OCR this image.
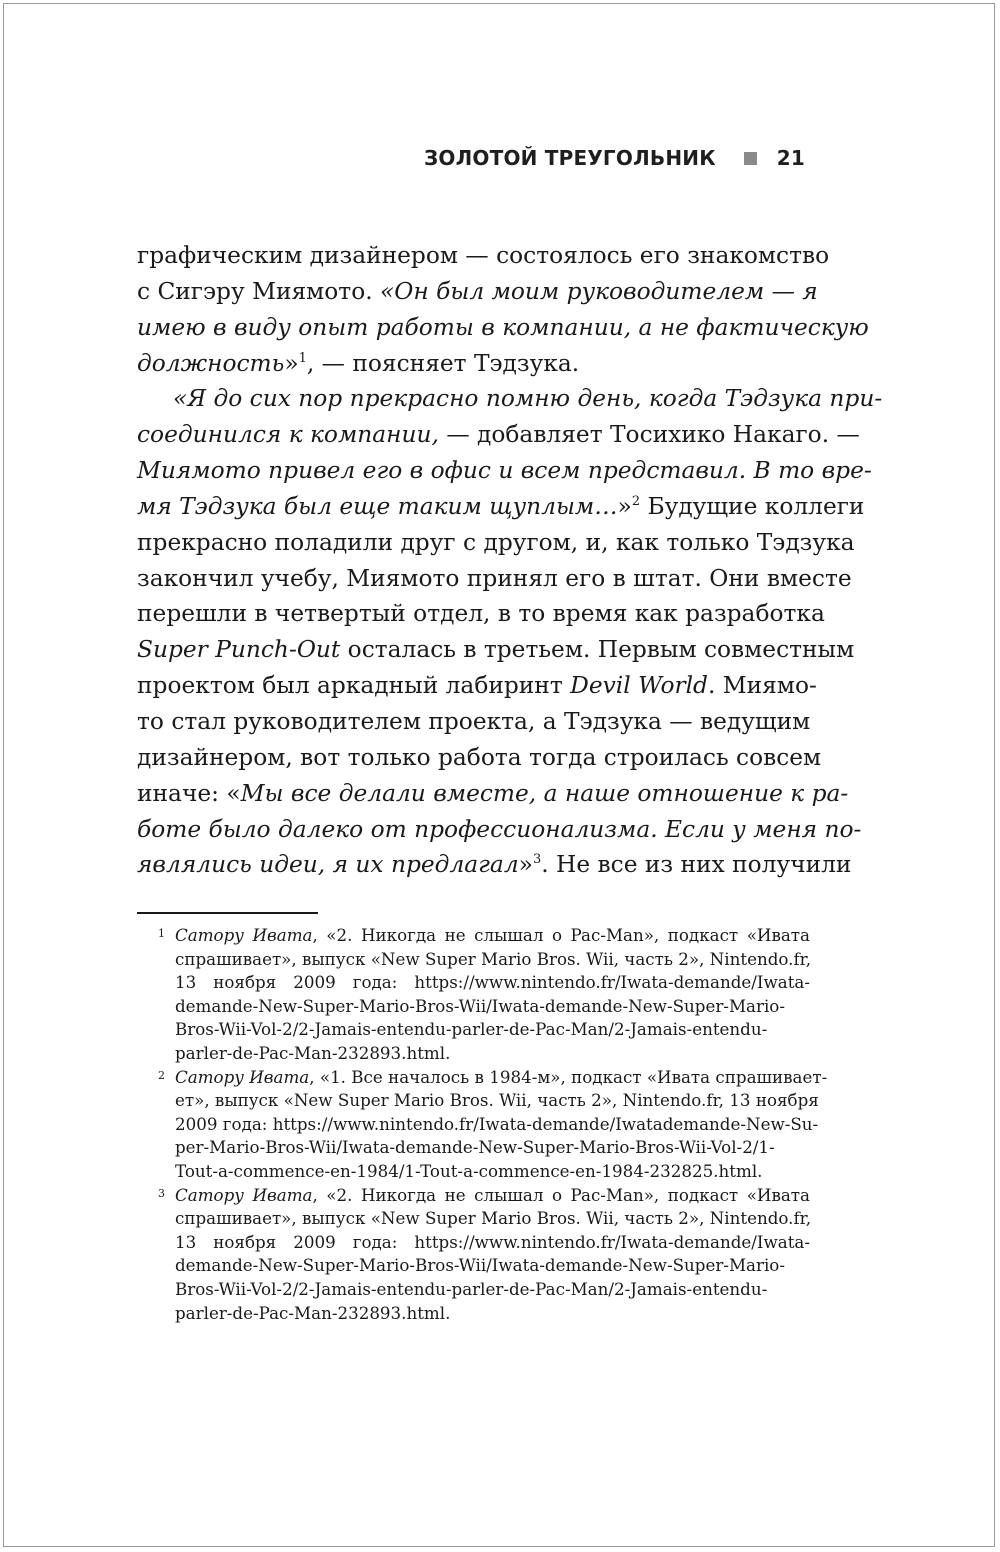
ЗОЛОТОЙ ТРЕУГОЛЬНИК	21
графическим дизайнером — состоялось его знакомство
с Сигэру Миямото. «Он был моим руководителем — я
имею в виду опыт работы в компании, а не фактическую
должность»$^1$, — поясняет Тэдзука.
«Я до сих пор прекрасно помню день, когда Тэдзука при-
соединился к компании, — добавляет Тосихико Накаго. —
Миямото привел его в офис и всем представил. В то вре-
мя Тэдзука был еще таким щуплым…»$^2$ Будущие коллеги
прекрасно поладили друг с другом, и, как только Тэдзука
закончил учебу, Миямото принял его в штат. Они вместе
перешли в четвертый отдел, в то время как разработка
Super Punch-Out осталась в третьем. Первым совместным
проектом был аркадный лабиринт Devil World. Миямо-
то стал руководителем проекта, а Тэдзука — ведущим
дизайнером, вот только работа тогда строилась совсем
иначе: «Мы все делали вместе, а наше отношение к ра-
боте было далеко от профессионализма. Если у меня по-
являлись идеи, я их предлагал»$^3$. Не все из них получили
1 Сатору Ивата, «2. Никогда не слышал о Pac-Man», подкаст «Ивата
спрашивает», выпуск «New Super Mario Bros. Wii, часть 2», Nintendo.fr,
13 ноября 2009 года: https://www.nintendo.fr/Iwata-demande/Iwata-
demande-New-Super-Mario-Bros-Wii/Iwata-demande-New-Super-Mario-
Bros-Wii-Vol-2/2-Jamais-entendu-parler-de-Pac-Man/2-Jamais-entendu-
parler-de-Pac-Man-232893.html.
2 Сатору Ивата, «1. Все началось в 1984-м», подкаст «Ивата спрашивает-
ет», выпуск «New Super Mario Bros. Wii, часть 2», Nintendo.fr, 13 ноября
2009 года: https://www.nintendo.fr/Iwata-demande/Iwatademande-New-Su-
per-Mario-Bros-Wii/Iwata-demande-New-Super-Mario-Bros-Wii-Vol-2/1-
Tout-a-commence-en-1984/1-Tout-a-commence-en-1984-232825.html.
3 Сатору Ивата, «2. Никогда не слышал о Pac-Man», подкаст «Ивата
спрашивает», выпуск «New Super Mario Bros. Wii, часть 2», Nintendo.fr,
13 ноября 2009 года: https://www.nintendo.fr/Iwata-demande/Iwata-
demande-New-Super-Mario-Bros-Wii/Iwata-demande-New-Super-Mario-
Bros-Wii-Vol-2/2-Jamais-entendu-parler-de-Pac-Man/2-Jamais-entendu-
parler-de-Pac-Man-232893.html.
